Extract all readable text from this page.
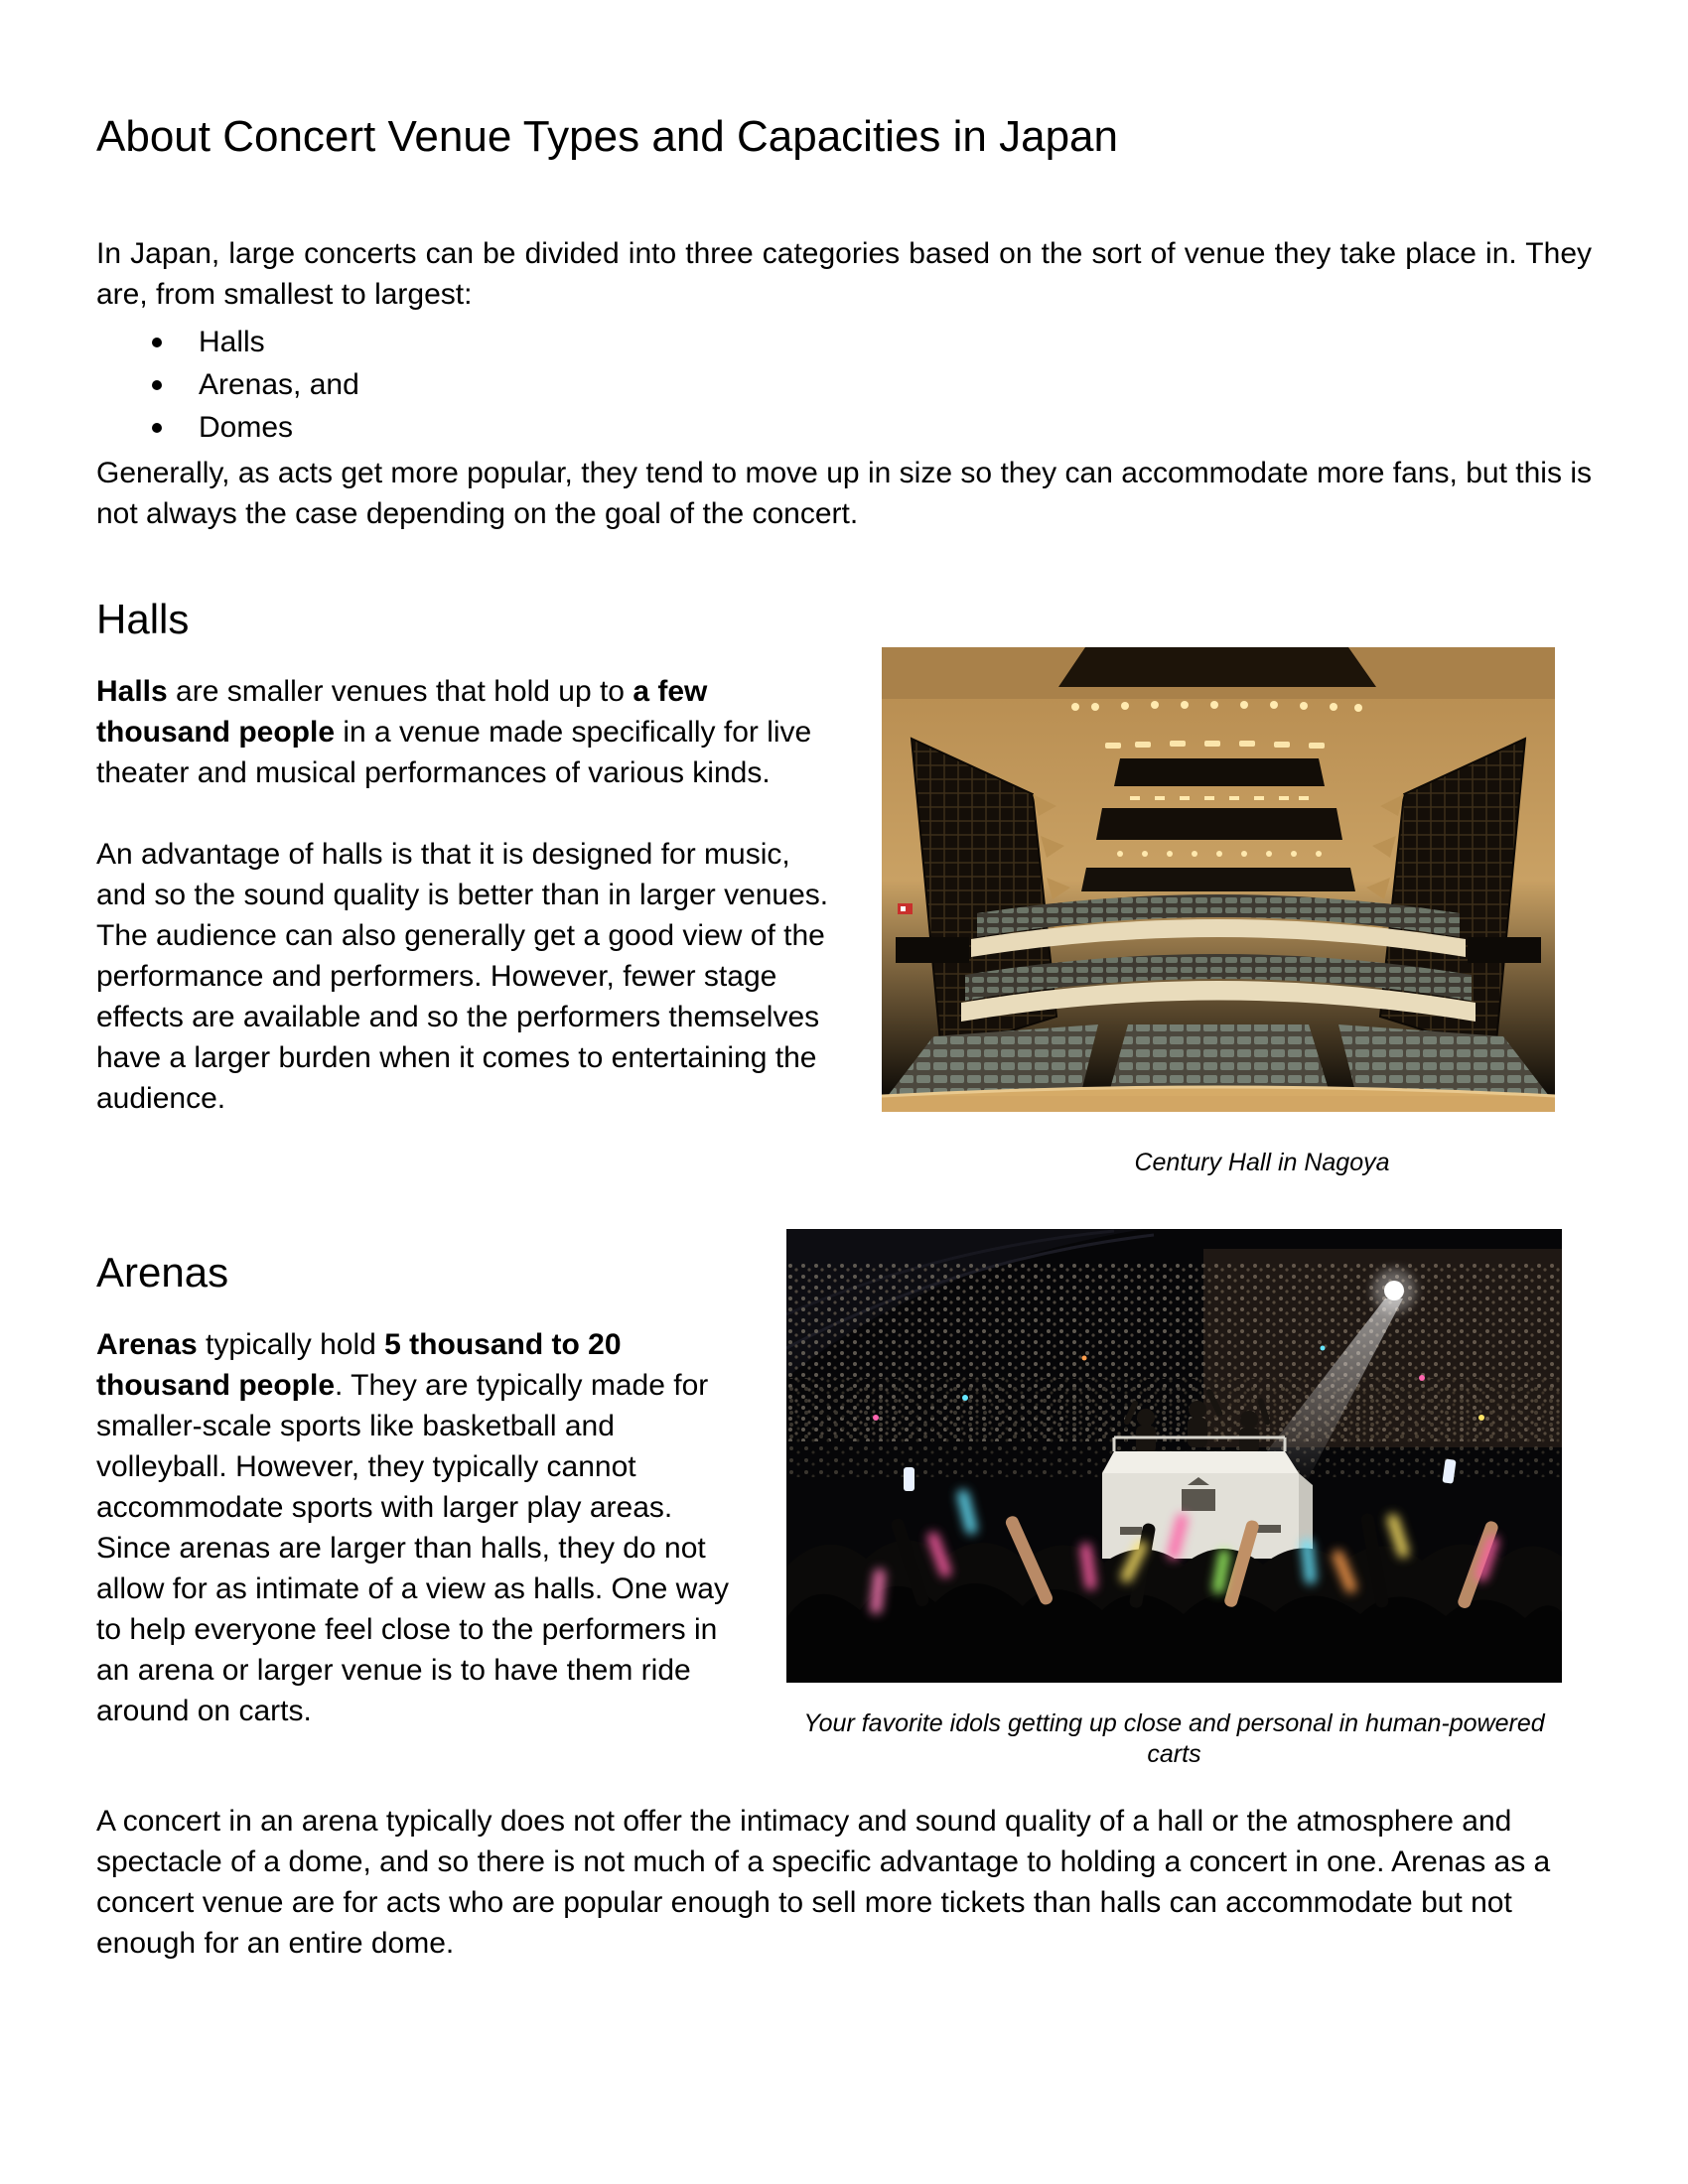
About Concert Venue Types and Capacities in Japan

In Japan, large concerts can be divided into three categories based on the sort of venue they take place in. They are, from smallest to largest:

Halls
Arenas, and
Domes

Generally, as acts get more popular, they tend to move up in size so they can accommodate more fans, but this is not always the case depending on the goal of the concert.

Halls

Halls are smaller venues that hold up to a few thousand people in a venue made specifically for live theater and musical performances of various kinds.

An advantage of halls is that it is designed for music, and so the sound quality is better than in larger venues. The audience can also generally get a good view of the performance and performers. However, fewer stage effects are available and so the performers themselves have a larger burden when it comes to entertaining the audience.

Century Hall in Nagoya
Arenas

Arenas typically hold 5 thousand to 20 thousand people. They are typically made for smaller-scale sports like basketball and volleyball. However, they typically cannot accommodate sports with larger play areas. Since arenas are larger than halls, they do not allow for as intimate of a view as halls. One way to help everyone feel close to the performers in an arena or larger venue is to have them ride around on carts.	Your favorite idols getting up close and personal in human-powered carts

A concert in an arena typically does not offer the intimacy and sound quality of a hall or the atmosphere and spectacle of a dome, and so there is not much of a specific advantage to holding a concert in one. Arenas as a concert venue are for acts who are popular enough to sell more tickets than halls can accommodate but not enough for an entire dome.
